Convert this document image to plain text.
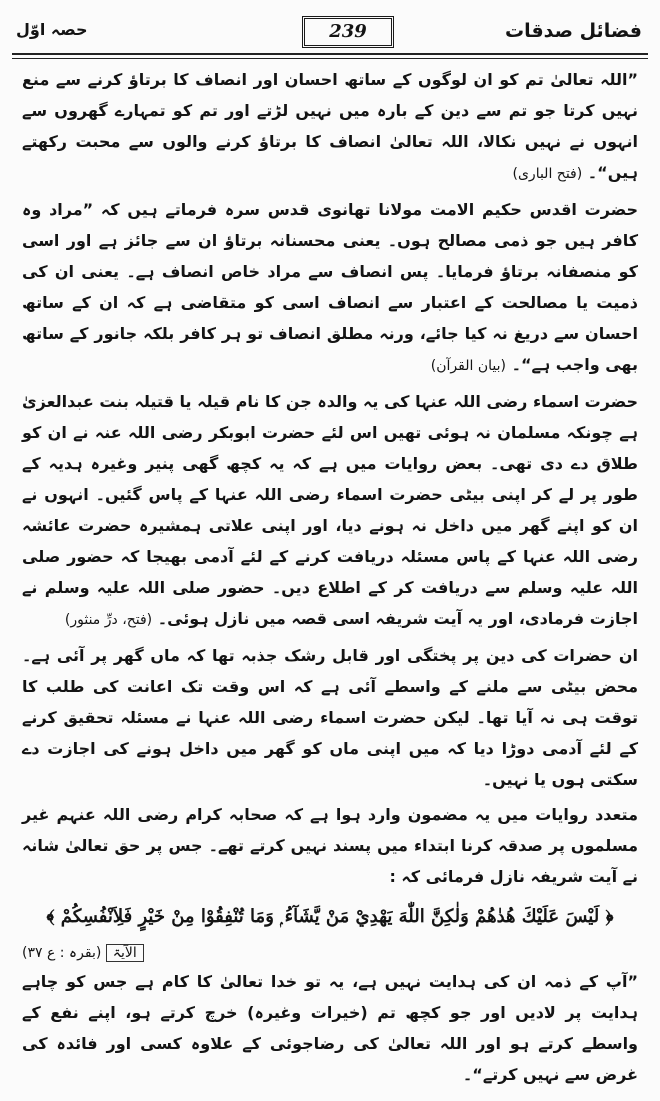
فضائل صدقات
239
حصہ اوّل

”اللہ تعالیٰ تم کو ان لوگوں کے ساتھ احسان اور انصاف کا برتاؤ کرنے سے منع نہیں کرتا جو تم سے دین کے بارہ میں نہیں لڑتے اور تم کو تمہارے گھروں سے انہوں نے نہیں نکالا، اللہ تعالیٰ انصاف کا برتاؤ کرنے والوں سے محبت رکھتے ہیں“۔ (فتح الباری)

حضرت اقدس حکیم الامت مولانا تھانوی قدس سرہ فرماتے ہیں کہ ”مراد وہ کافر ہیں جو ذمی مصالح ہوں۔ یعنی محسنانہ برتاؤ ان سے جائز ہے اور اسی کو منصفانہ برتاؤ فرمایا۔ پس انصاف سے مراد خاص انصاف ہے۔ یعنی ان کی ذمیت یا مصالحت کے اعتبار سے انصاف اسی کو متقاضی ہے کہ ان کے ساتھ احسان سے دریغ نہ کیا جائے، ورنہ مطلق انصاف تو ہر کافر بلکہ جانور کے ساتھ بھی واجب ہے“۔ (بیان القرآن)

حضرت اسماء رضی اللہ عنہا کی یہ والدہ جن کا نام قیلہ یا قتیلہ بنت عبدالعزیٰ ہے چونکہ مسلمان نہ ہوئی تھیں اس لئے حضرت ابوبکر رضی اللہ عنہ نے ان کو طلاق دے دی تھی۔ بعض روایات میں ہے کہ یہ کچھ گھی پنیر وغیرہ ہدیہ کے طور پر لے کر اپنی بیٹی حضرت اسماء رضی اللہ عنہا کے پاس گئیں۔ انہوں نے ان کو اپنے گھر میں داخل نہ ہونے دیا، اور اپنی علاتی ہمشیرہ حضرت عائشہ رضی اللہ عنہا کے پاس مسئلہ دریافت کرنے کے لئے آدمی بھیجا کہ حضور صلی اللہ علیہ وسلم سے دریافت کر کے اطلاع دیں۔ حضور صلی اللہ علیہ وسلم نے اجازت فرمادی، اور یہ آیت شریفہ اسی قصہ میں نازل ہوئی۔ (فتح، درِّ منثور)

ان حضرات کی دین پر پختگی اور قابل رشک جذبہ تھا کہ ماں گھر پر آئی ہے۔ محض بیٹی سے ملنے کے واسطے آئی ہے کہ اس وقت تک اعانت کی طلب کا توقت ہی نہ آیا تھا۔ لیکن حضرت اسماء رضی اللہ عنہا نے مسئلہ تحقیق کرنے کے لئے آدمی دوڑا دیا کہ میں اپنی ماں کو گھر میں داخل ہونے کی اجازت دے سکتی ہوں یا نہیں۔

متعدد روایات میں یہ مضمون وارد ہوا ہے کہ صحابہ کرام رضی اللہ عنہم غیر مسلموں پر صدقہ کرنا ابتداء میں پسند نہیں کرتے تھے۔ جس پر حق تعالیٰ شانہ نے آیت شریفہ نازل فرمائی کہ :

﴿ لَيْسَ عَلَيْكَ هُدٰهُمْ وَلٰكِنَّ اللّٰهَ يَهْدِيْ مَنْ يَّشَآءُ ۭ وَمَا تُنْفِقُوْا مِنْ خَيْرٍ فَلِاَنْفُسِكُمْ ﴾
الآیۃ (بقرہ : ع ۳۷)

”آپ کے ذمہ ان کی ہدایت نہیں ہے، یہ تو خدا تعالیٰ کا کام ہے جس کو چاہے ہدایت پر لادیں اور جو کچھ تم (خیرات وغیرہ) خرچ کرتے ہو، اپنے نفع کے واسطے کرتے ہو اور اللہ تعالیٰ کی رضاجوئی کے علاوہ کسی اور فائدہ کی غرض سے نہیں کرتے“۔
